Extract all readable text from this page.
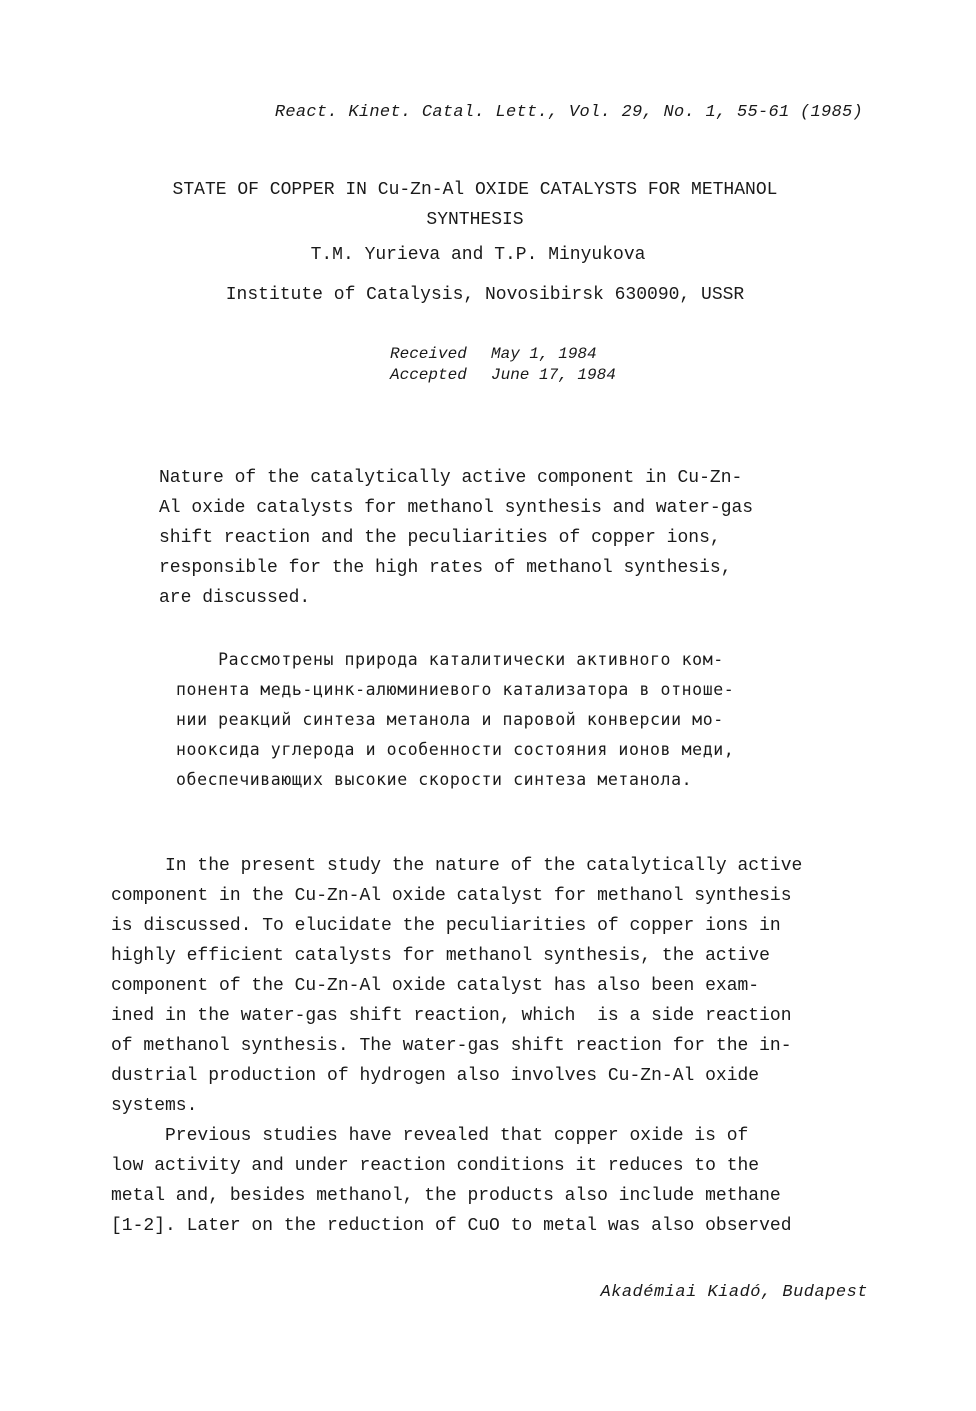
React. Kinet. Catal. Lett., Vol. 29, No. 1, 55-61 (1985)

STATE OF COPPER IN Cu-Zn-Al OXIDE CATALYSTS FOR METHANOL
SYNTHESIS

T.M. Yurieva and T.P. Minyukova

Institute of Catalysis, Novosibirsk 630090, USSR

Received May 1, 1984
Accepted June 17, 1984
Nature of the catalytically active component in Cu-Zn-
Al oxide catalysts for methanol synthesis and water-gas
shift reaction and the peculiarities of copper ions,
responsible for the high rates of methanol synthesis,
are discussed.
Рассмотрены природа каталитически активного ком-
понента медь-цинк-алюминиевого катализатора в отноше-
нии реакций синтеза метанола и паровой конверсии мо-
нооксида углерода и особенности состояния ионов меди,
обеспечивающих высокие скорости синтеза метанола.
In the present study the nature of the catalytically active
component in the Cu-Zn-Al oxide catalyst for methanol synthesis
is discussed. To elucidate the peculiarities of copper ions in
highly efficient catalysts for methanol synthesis, the active
component of the Cu-Zn-Al oxide catalyst has also been exam-
ined in the water-gas shift reaction, which  is a side reaction
of methanol synthesis. The water-gas shift reaction for the in-
dustrial production of hydrogen also involves Cu-Zn-Al oxide
systems.
Previous studies have revealed that copper oxide is of
low activity and under reaction conditions it reduces to the
metal and, besides methanol, the products also include methane
[1-2]. Later on the reduction of CuO to metal was also observed

Akadémiai Kiadó, Budapest
